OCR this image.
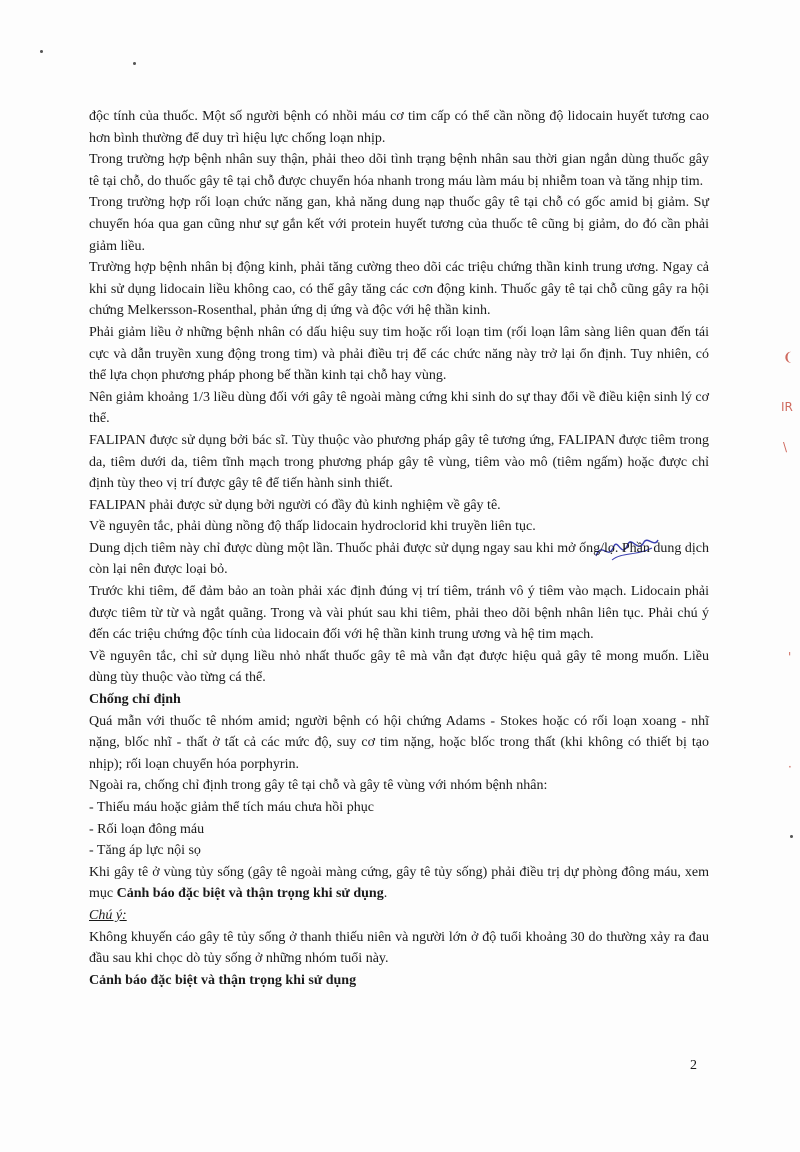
❨
IR
\
'
·

độc tính của thuốc. Một số người bệnh có nhồi máu cơ tim cấp có thể cần nồng độ lidocain huyết tương cao hơn bình thường để duy trì hiệu lực chống loạn nhịp.

Trong trường hợp bệnh nhân suy thận, phải theo dõi tình trạng bệnh nhân sau thời gian ngắn dùng thuốc gây tê tại chỗ, do thuốc gây tê tại chỗ được chuyển hóa nhanh trong máu làm máu bị nhiễm toan và tăng nhịp tim.

Trong trường hợp rối loạn chức năng gan, khả năng dung nạp thuốc gây tê tại chỗ có gốc amid bị giảm. Sự chuyển hóa qua gan cũng như sự gắn kết với protein huyết tương của thuốc tê cũng bị giảm, do đó cần phải giảm liều.

Trường hợp bệnh nhân bị động kinh, phải tăng cường theo dõi các triệu chứng thần kinh trung ương. Ngay cả khi sử dụng lidocain liều không cao, có thể gây tăng các cơn động kinh. Thuốc gây tê tại chỗ cũng gây ra hội chứng Melkersson-Rosenthal, phản ứng dị ứng và độc với hệ thần kinh.

Phải giảm liều ở những bệnh nhân có dấu hiệu suy tim hoặc rối loạn tim (rối loạn lâm sàng liên quan đến tái cực và dẫn truyền xung động trong tim) và phải điều trị để các chức năng này trở lại ổn định. Tuy nhiên, có thể lựa chọn phương pháp phong bế thần kinh tại chỗ hay vùng.

Nên giảm khoảng 1/3 liều dùng đối với gây tê ngoài màng cứng khi sinh do sự thay đổi về điều kiện sinh lý cơ thể.

FALIPAN được sử dụng bởi bác sĩ. Tùy thuộc vào phương pháp gây tê tương ứng, FALIPAN được tiêm trong da, tiêm dưới da, tiêm tĩnh mạch trong phương pháp gây tê vùng, tiêm vào mô (tiêm ngấm) hoặc được chỉ định tùy theo vị trí được gây tê để tiến hành sinh thiết.

FALIPAN phải được sử dụng bởi người có đầy đủ kinh nghiệm về gây tê.

Về nguyên tắc, phải dùng nồng độ thấp lidocain hydroclorid khi truyền liên tục.

Dung dịch tiêm này chỉ được dùng một lần. Thuốc phải được sử dụng ngay sau khi mở ống/lọ. Phần dung dịch còn lại nên được loại bỏ.

Trước khi tiêm, để đảm bảo an toàn phải xác định đúng vị trí tiêm, tránh vô ý tiêm vào mạch. Lidocain phải được tiêm từ từ và ngắt quãng. Trong và vài phút sau khi tiêm, phải theo dõi bệnh nhân liên tục. Phải chú ý đến các triệu chứng độc tính của lidocain đối với hệ thần kinh trung ương và hệ tim mạch.

Về nguyên tắc, chỉ sử dụng liều nhỏ nhất thuốc gây tê mà vẫn đạt được hiệu quả gây tê mong muốn. Liều dùng tùy thuộc vào từng cá thể.

Chống chỉ định

Quá mẫn với thuốc tê nhóm amid; người bệnh có hội chứng Adams - Stokes hoặc có rối loạn xoang - nhĩ nặng, blốc nhĩ - thất ở tất cả các mức độ, suy cơ tim nặng, hoặc blốc trong thất (khi không có thiết bị tạo nhịp); rối loạn chuyển hóa porphyrin.

Ngoài ra, chống chỉ định trong gây tê tại chỗ và gây tê vùng với nhóm bệnh nhân:

- Thiếu máu hoặc giảm thể tích máu chưa hồi phục

- Rối loạn đông máu

- Tăng áp lực nội sọ

Khi gây tê ở vùng tủy sống (gây tê ngoài màng cứng, gây tê tủy sống) phải điều trị dự phòng đông máu, xem mục Cảnh báo đặc biệt và thận trọng khi sử dụng.

Chú ý:

Không khuyến cáo gây tê tủy sống ở thanh thiếu niên và người lớn ở độ tuổi khoảng 30 do thường xảy ra đau đầu sau khi chọc dò tủy sống ở những nhóm tuổi này.

Cảnh báo đặc biệt và thận trọng khi sử dụng

2
